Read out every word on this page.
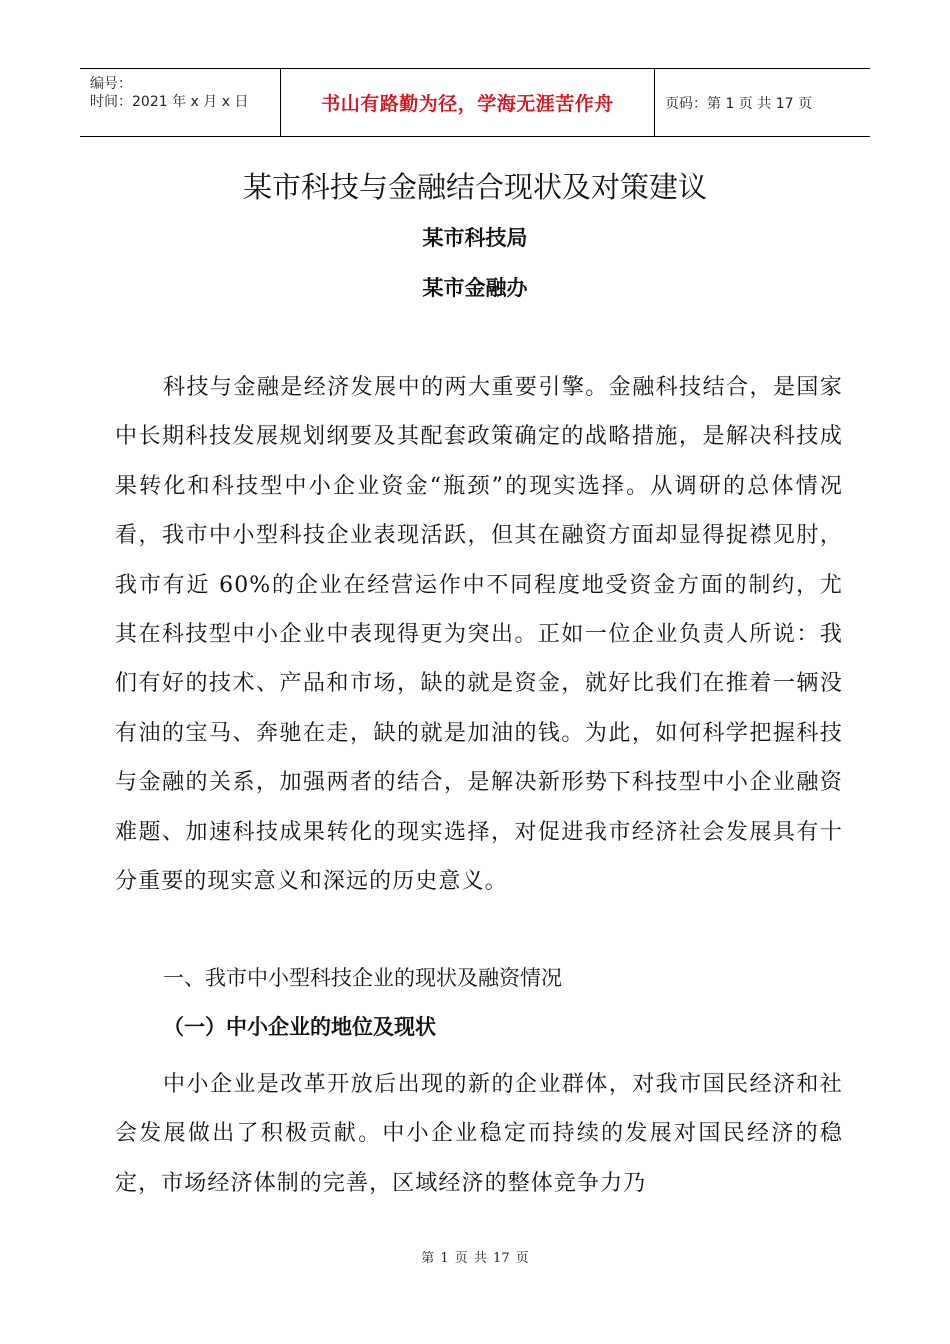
编号：
时间：2021 年 x 月 x 日	书山有路勤为径，学海无涯苦作舟	页码：第 1 页 共 17 页
某市科技与金融结合现状及对策建议
某市科技局
某市金融办

科技与金融是经济发展中的两大重要引擎。金融科技结合，是国家中长期科技发展规划纲要及其配套政策确定的战略措施，是解决科技成果转化和科技型中小企业资金“瓶颈”的现实选择。从调研的总体情况看，我市中小型科技企业表现活跃，但其在融资方面却显得捉襟见肘，我市有近 60%的企业在经营运作中不同程度地受资金方面的制约，尤其在科技型中小企业中表现得更为突出。正如一位企业负责人所说：我们有好的技术、产品和市场，缺的就是资金，就好比我们在推着一辆没有油的宝马、奔驰在走，缺的就是加油的钱。为此，如何科学把握科技与金融的关系，加强两者的结合，是解决新形势下科技型中小企业融资难题、加速科技成果转化的现实选择，对促进我市经济社会发展具有十分重要的现实意义和深远的历史意义。

一、我市中小型科技企业的现状及融资情况
（一）中小企业的地位及现状

中小企业是改革开放后出现的新的企业群体，对我市国民经济和社会发展做出了积极贡献。中小企业稳定而持续的发展对国民经济的稳定，市场经济体制的完善，区域经济的整体竞争力乃

第 1 页 共 17 页
